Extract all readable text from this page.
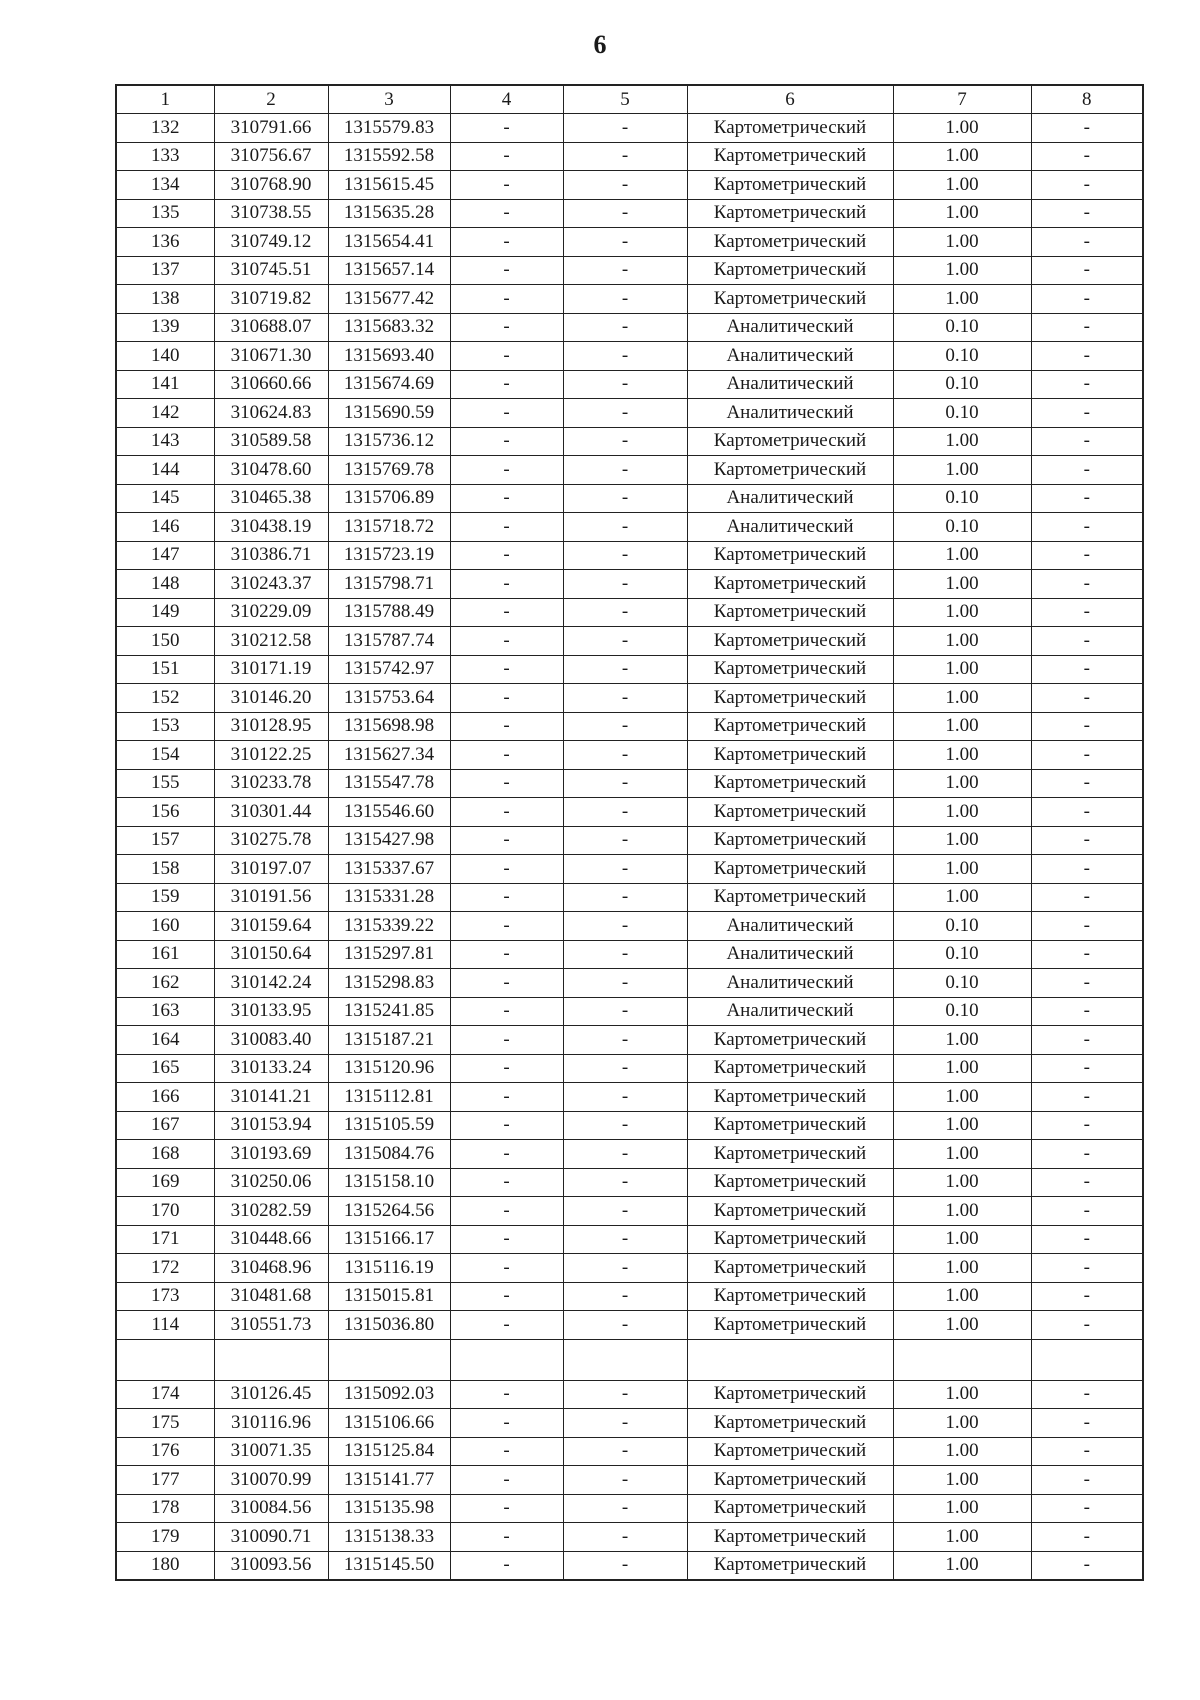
6
1	2	3	4	5	6	7	8
132	310791.66	1315579.83	-	-	Картометрический	1.00	-
133	310756.67	1315592.58	-	-	Картометрический	1.00	-
134	310768.90	1315615.45	-	-	Картометрический	1.00	-
135	310738.55	1315635.28	-	-	Картометрический	1.00	-
136	310749.12	1315654.41	-	-	Картометрический	1.00	-
137	310745.51	1315657.14	-	-	Картометрический	1.00	-
138	310719.82	1315677.42	-	-	Картометрический	1.00	-
139	310688.07	1315683.32	-	-	Аналитический	0.10	-
140	310671.30	1315693.40	-	-	Аналитический	0.10	-
141	310660.66	1315674.69	-	-	Аналитический	0.10	-
142	310624.83	1315690.59	-	-	Аналитический	0.10	-
143	310589.58	1315736.12	-	-	Картометрический	1.00	-
144	310478.60	1315769.78	-	-	Картометрический	1.00	-
145	310465.38	1315706.89	-	-	Аналитический	0.10	-
146	310438.19	1315718.72	-	-	Аналитический	0.10	-
147	310386.71	1315723.19	-	-	Картометрический	1.00	-
148	310243.37	1315798.71	-	-	Картометрический	1.00	-
149	310229.09	1315788.49	-	-	Картометрический	1.00	-
150	310212.58	1315787.74	-	-	Картометрический	1.00	-
151	310171.19	1315742.97	-	-	Картометрический	1.00	-
152	310146.20	1315753.64	-	-	Картометрический	1.00	-
153	310128.95	1315698.98	-	-	Картометрический	1.00	-
154	310122.25	1315627.34	-	-	Картометрический	1.00	-
155	310233.78	1315547.78	-	-	Картометрический	1.00	-
156	310301.44	1315546.60	-	-	Картометрический	1.00	-
157	310275.78	1315427.98	-	-	Картометрический	1.00	-
158	310197.07	1315337.67	-	-	Картометрический	1.00	-
159	310191.56	1315331.28	-	-	Картометрический	1.00	-
160	310159.64	1315339.22	-	-	Аналитический	0.10	-
161	310150.64	1315297.81	-	-	Аналитический	0.10	-
162	310142.24	1315298.83	-	-	Аналитический	0.10	-
163	310133.95	1315241.85	-	-	Аналитический	0.10	-
164	310083.40	1315187.21	-	-	Картометрический	1.00	-
165	310133.24	1315120.96	-	-	Картометрический	1.00	-
166	310141.21	1315112.81	-	-	Картометрический	1.00	-
167	310153.94	1315105.59	-	-	Картометрический	1.00	-
168	310193.69	1315084.76	-	-	Картометрический	1.00	-
169	310250.06	1315158.10	-	-	Картометрический	1.00	-
170	310282.59	1315264.56	-	-	Картометрический	1.00	-
171	310448.66	1315166.17	-	-	Картометрический	1.00	-
172	310468.96	1315116.19	-	-	Картометрический	1.00	-
173	310481.68	1315015.81	-	-	Картометрический	1.00	-
114	310551.73	1315036.80	-	-	Картометрический	1.00	-

174	310126.45	1315092.03	-	-	Картометрический	1.00	-
175	310116.96	1315106.66	-	-	Картометрический	1.00	-
176	310071.35	1315125.84	-	-	Картометрический	1.00	-
177	310070.99	1315141.77	-	-	Картометрический	1.00	-
178	310084.56	1315135.98	-	-	Картометрический	1.00	-
179	310090.71	1315138.33	-	-	Картометрический	1.00	-
180	310093.56	1315145.50	-	-	Картометрический	1.00	-
